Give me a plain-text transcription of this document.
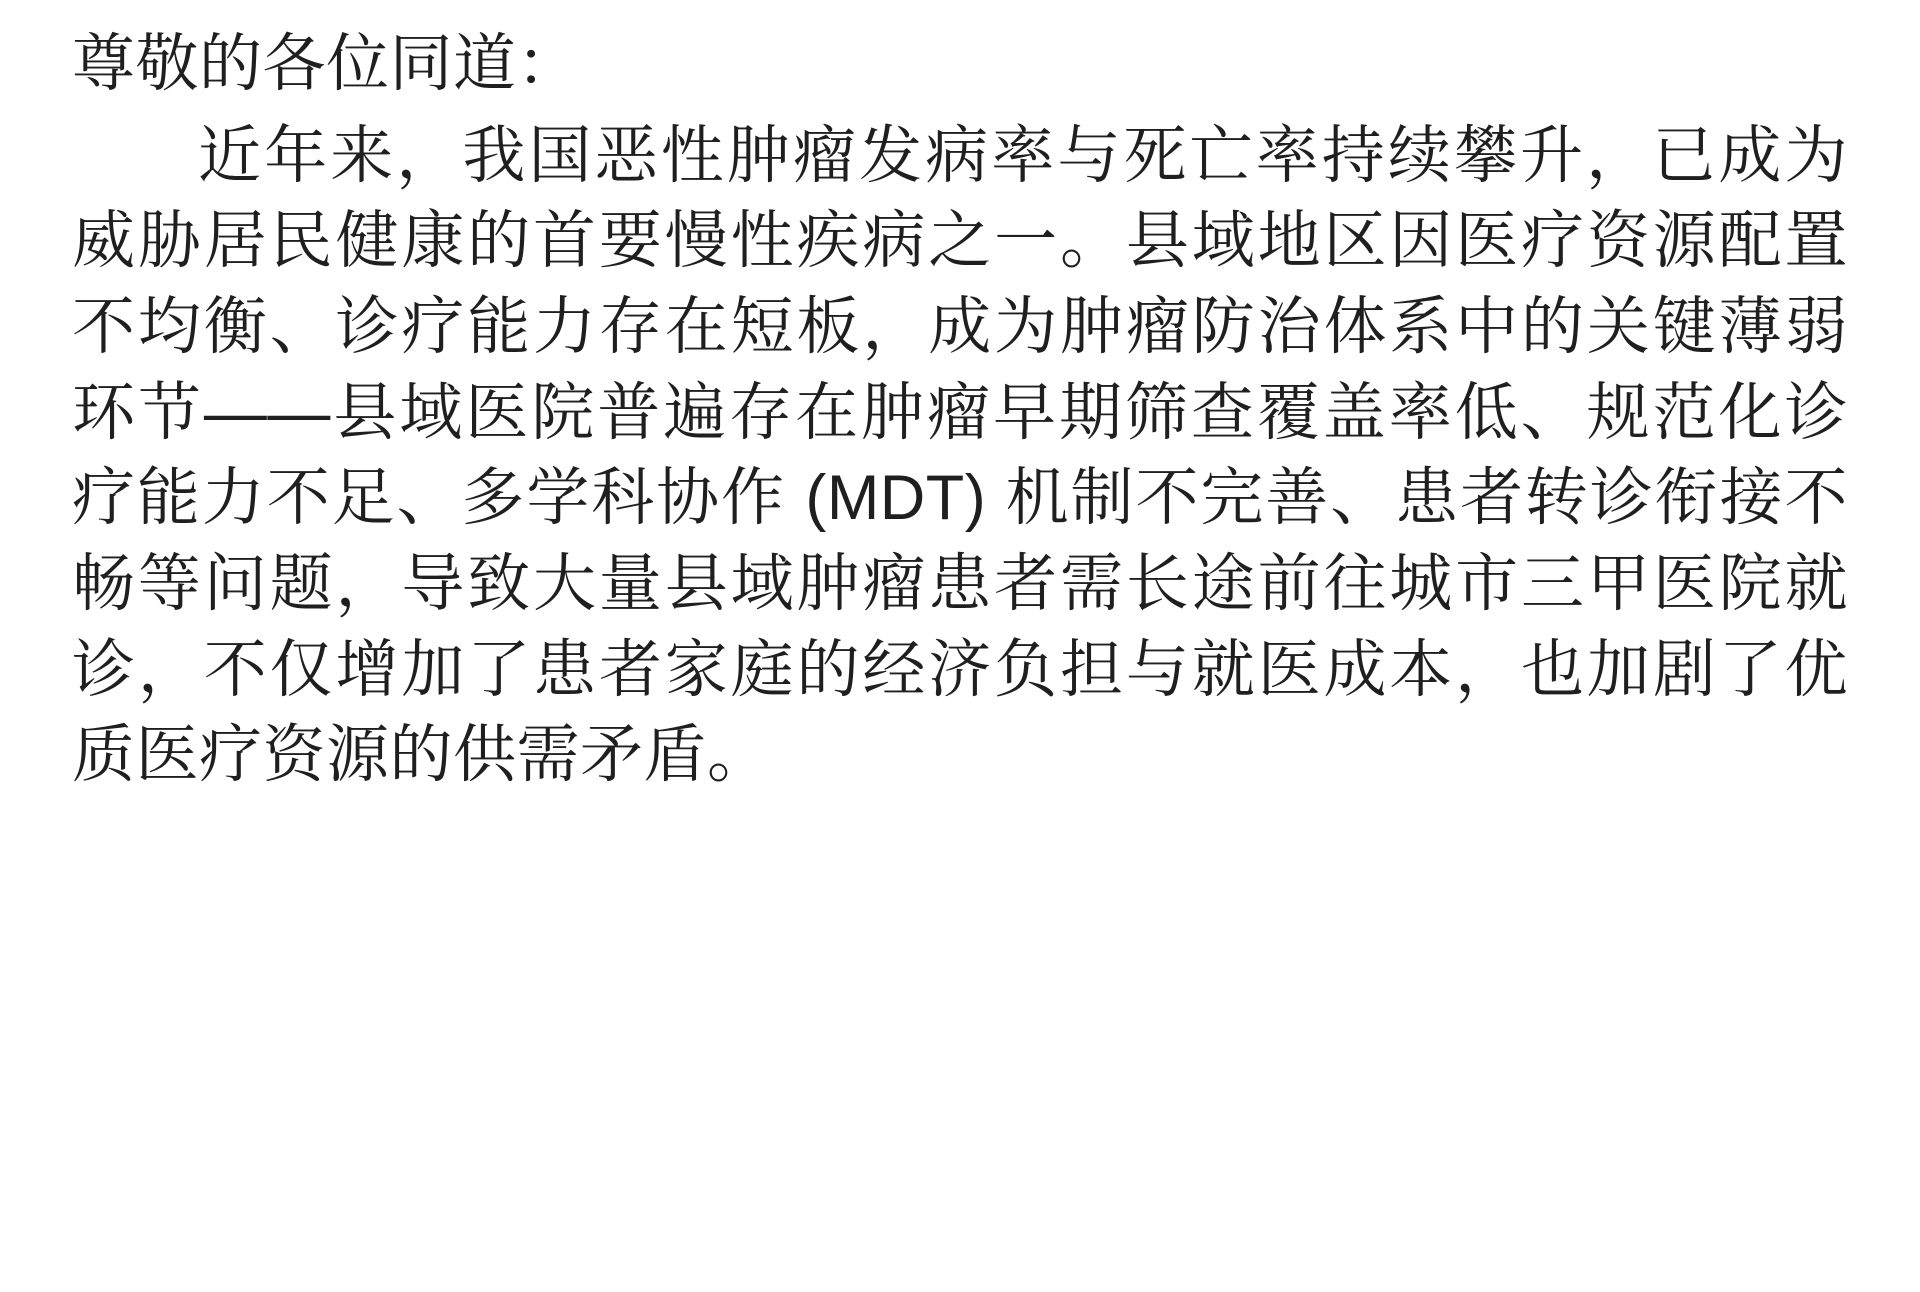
尊敬的各位同道：

近年来，我国恶性肿瘤发病率与死亡率持续攀升，已成为威胁居民健康的首要慢性疾病之一。县域地区因医疗资源配置不均衡、诊疗能力存在短板，成为肿瘤防治体系中的关键薄弱环节——县域医院普遍存在肿瘤早期筛查覆盖率低、规范化诊疗能力不足、多学科协作 (MDT) 机制不完善、患者转诊衔接不畅等问题，导致大量县域肿瘤患者需长途前往城市三甲医院就诊，不仅增加了患者家庭的经济负担与就医成本，也加剧了优质医疗资源的供需矛盾。
